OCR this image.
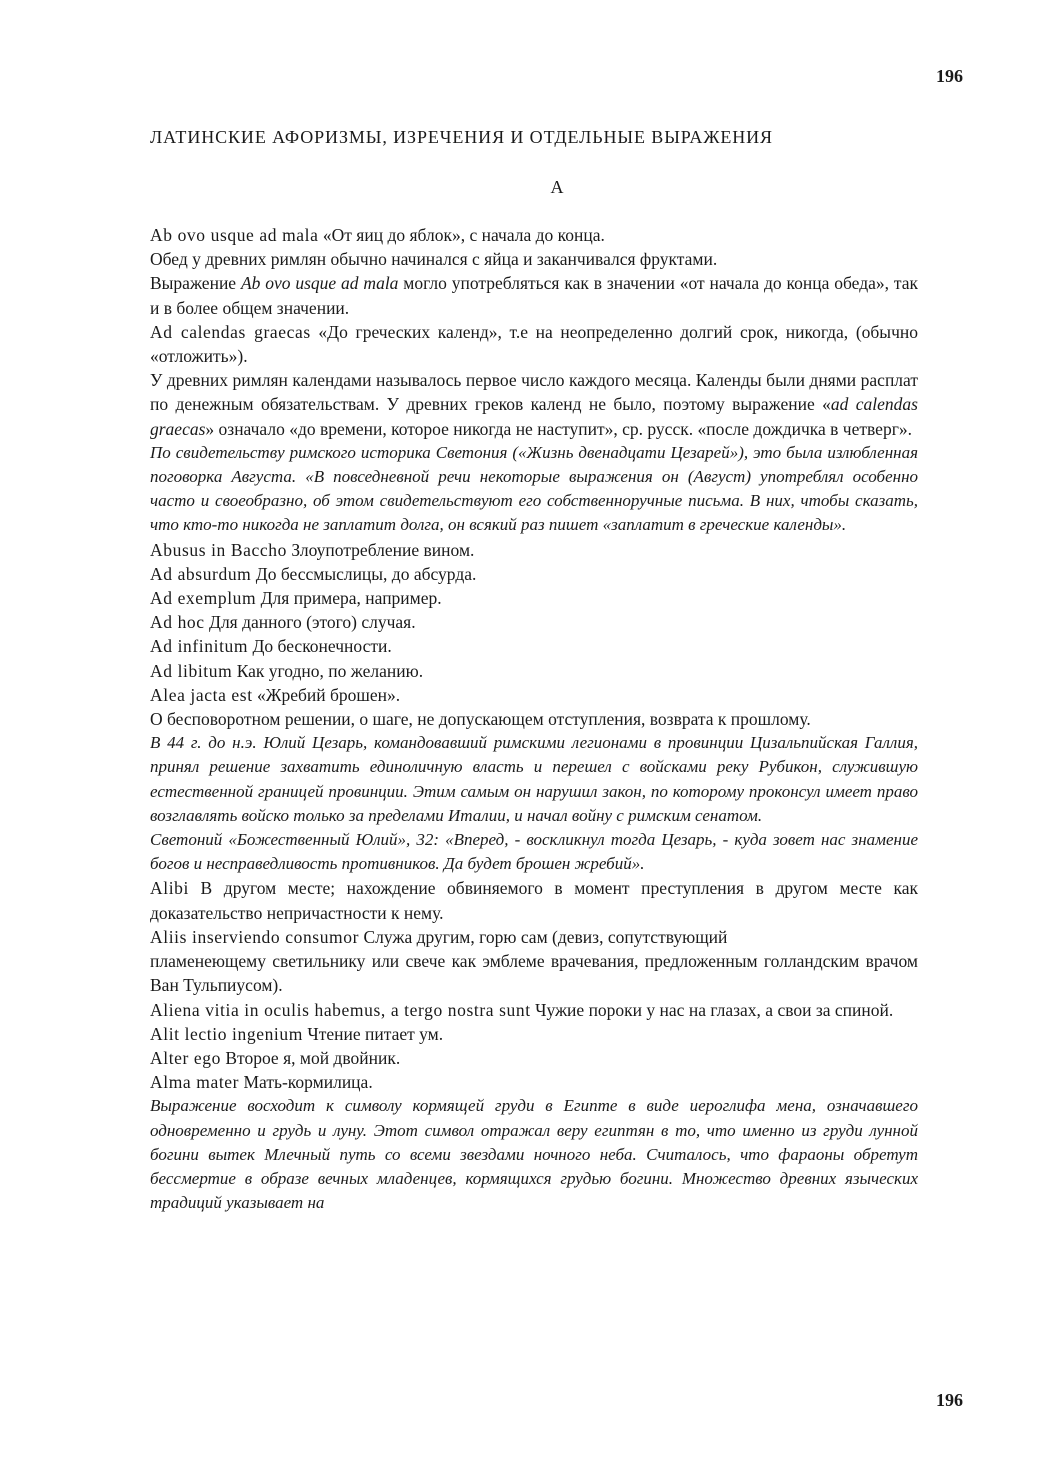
196
ЛАТИНСКИЕ АФОРИЗМЫ, ИЗРЕЧЕНИЯ И ОТДЕЛЬНЫЕ ВЫРАЖЕНИЯ
А

Ab ovo usque ad mala «От яиц до яблок», с начала до конца.

Обед у древних римлян обычно начинался с яйца и заканчивался фруктами.

Выражение Ab ovo usque ad mala могло употребляться как в значении «от начала до конца обеда», так и в более общем значении.

Ad calendas graecas «До греческих календ», т.е на неопределенно долгий срок, никогда, (обычно «отложить»).

У древних римлян календами называлось первое число каждого месяца. Календы были днями расплат по денежным обязательствам. У древних греков календ не было, поэтому выражение «ad calendas graecas» означало «до времени, которое никогда не наступит», ср. русск. «после дождичка в четверг».

По свидетельству римского историка Светония («Жизнь двенадцати Цезарей»), это была излюбленная поговорка Августа. «В повседневной речи некоторые выражения он (Август) употреблял особенно часто и своеобразно, об этом свидетельствуют его собственноручные письма. В них, чтобы сказать, что кто-то никогда не заплатит долга, он всякий раз пишет «заплатит в греческие календы».

Abusus in Baccho Злоупотребление вином.

Ad absurdum До бессмыслицы, до абсурда.

Ad exemplum Для примера, например.

Ad hoc Для данного (этого) случая.

Ad infinitum До бесконечности.

Ad libitum Как угодно, по желанию.

Alea jacta est «Жребий брошен».

О бесповоротном решении, о шаге, не допускающем отступления, возврата к прошлому.

В 44 г. до н.э. Юлий Цезарь, командовавший римскими легионами в провинции Цизальпийская Галлия, принял решение захватить единоличную власть и перешел с войсками реку Рубикон, служившую естественной границей провинции. Этим самым он нарушил закон, по которому проконсул имеет право возглавлять войско только за пределами Италии, и начал войну с римским сенатом.

Светоний «Божественный Юлий», 32: «Вперед, - воскликнул тогда Цезарь, - куда зовет нас знамение богов и несправедливость противников. Да будет брошен жребий».

Alibi В другом месте; нахождение обвиняемого в момент преступления в другом месте как доказательство непричастности к нему.

Aliis inserviendo consumor Служа другим, горю сам (девиз, сопутствующий

пламенеющему светильнику или свече как эмблеме врачевания, предложенным голландским врачом Ван Тульпиусом).

Aliena vitia in oculis habemus, a tergo nostra sunt Чужие пороки у нас на глазах, а свои за спиной.

Alit lectio ingenium Чтение питает ум.

Alter ego Второе я, мой двойник.

Alma mater Мать-кормилица.

Выражение восходит к символу кормящей груди в Египте в виде иероглифа мена, означавшего одновременно и грудь и луну. Этот символ отражал веру египтян в то, что именно из груди лунной богини вытек Млечный путь со всеми звездами ночного неба. Считалось, что фараоны обретут бессмертие в образе вечных младенцев, кормящихся грудью богини. Множество древних языческих традиций указывает на

196
